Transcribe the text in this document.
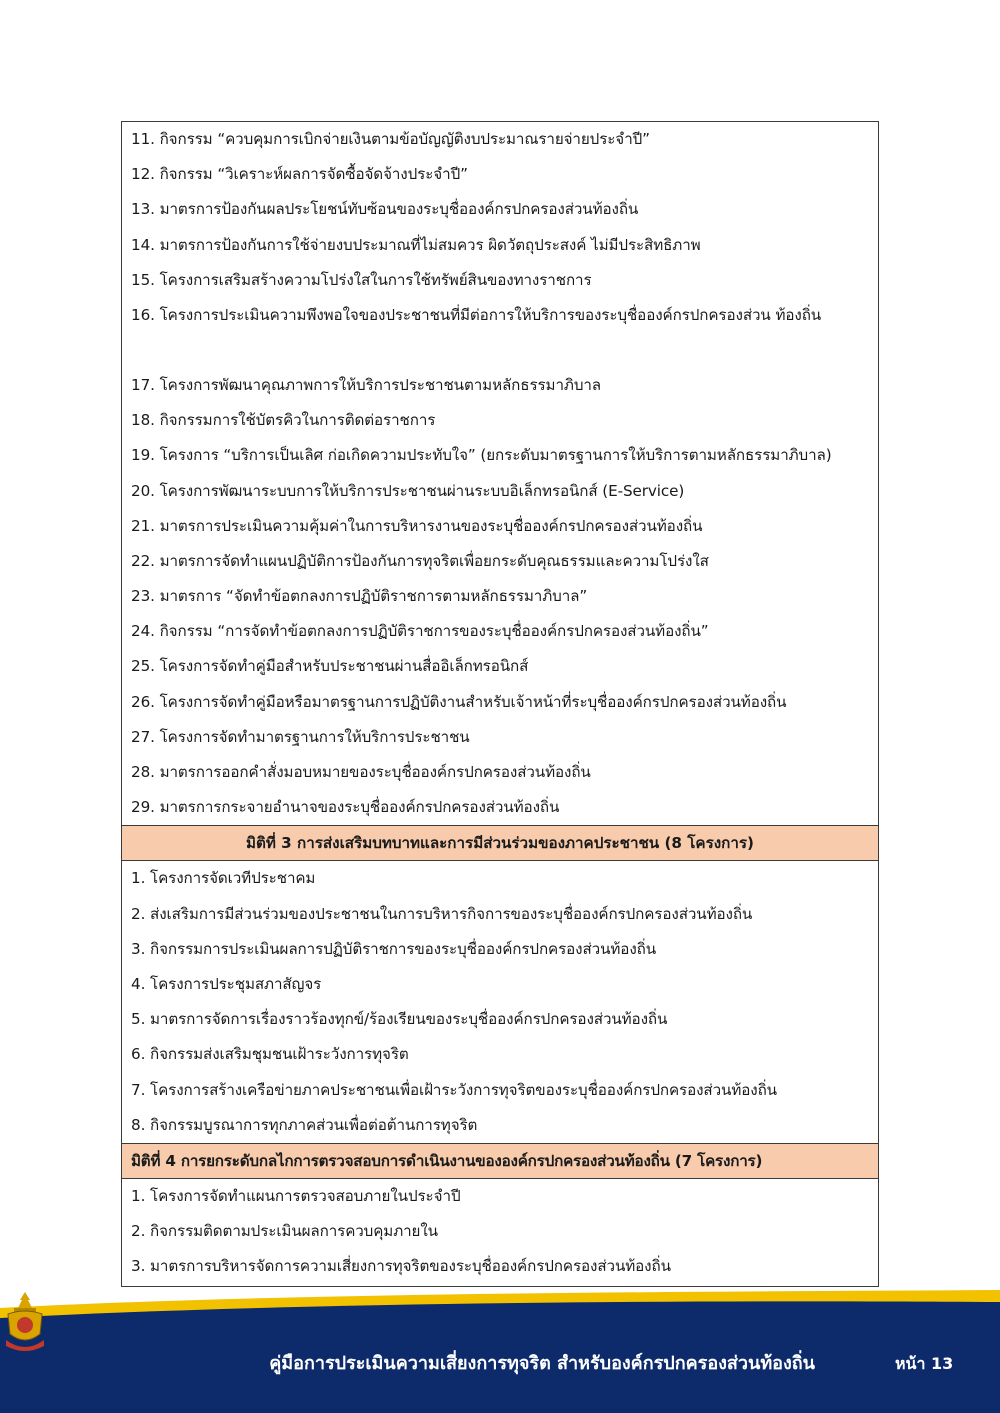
11. กิจกรรม “ควบคุมการเบิกจ่ายเงินตามข้อบัญญัติงบประมาณรายจ่ายประจำปี”
12. กิจกรรม “วิเคราะห์ผลการจัดซื้อจัดจ้างประจำปี”
13. มาตรการป้องกันผลประโยชน์ทับซ้อนของระบุชื่อองค์กรปกครองส่วนท้องถิ่น
14. มาตรการป้องกันการใช้จ่ายงบประมาณที่ไม่สมควร ผิดวัตถุประสงค์ ไม่มีประสิทธิภาพ
15. โครงการเสริมสร้างความโปร่งใสในการใช้ทรัพย์สินของทางราชการ
16. โครงการประเมินความพึงพอใจของประชาชนที่มีต่อการให้บริการของระบุชื่อองค์กรปกครองส่วน ท้องถิ่น
17. โครงการพัฒนาคุณภาพการให้บริการประชาชนตามหลักธรรมาภิบาล
18. กิจกรรมการใช้บัตรคิวในการติดต่อราชการ
19. โครงการ “บริการเป็นเลิศ ก่อเกิดความประทับใจ” (ยกระดับมาตรฐานการให้บริการตามหลักธรรมาภิบาล)
20. โครงการพัฒนาระบบการให้บริการประชาชนผ่านระบบอิเล็กทรอนิกส์ (E-Service)
21. มาตรการประเมินความคุ้มค่าในการบริหารงานของระบุชื่อองค์กรปกครองส่วนท้องถิ่น
22. มาตรการจัดทำแผนปฏิบัติการป้องกันการทุจริตเพื่อยกระดับคุณธรรมและความโปร่งใส
23. มาตรการ “จัดทำข้อตกลงการปฏิบัติราชการตามหลักธรรมาภิบาล”
24. กิจกรรม “การจัดทำข้อตกลงการปฏิบัติราชการของระบุชื่อองค์กรปกครองส่วนท้องถิ่น”
25. โครงการจัดทำคู่มือสำหรับประชาชนผ่านสื่ออิเล็กทรอนิกส์
26. โครงการจัดทำคู่มือหรือมาตรฐานการปฏิบัติงานสำหรับเจ้าหน้าที่ระบุชื่อองค์กรปกครองส่วนท้องถิ่น
27. โครงการจัดทำมาตรฐานการให้บริการประชาชน
28. มาตรการออกคำสั่งมอบหมายของระบุชื่อองค์กรปกครองส่วนท้องถิ่น
29. มาตรการกระจายอำนาจของระบุชื่อองค์กรปกครองส่วนท้องถิ่น
มิติที่ 3 การส่งเสริมบทบาทและการมีส่วนร่วมของภาคประชาชน (8 โครงการ)
1. โครงการจัดเวทีประชาคม
2. ส่งเสริมการมีส่วนร่วมของประชาชนในการบริหารกิจการของระบุชื่อองค์กรปกครองส่วนท้องถิ่น
3. กิจกรรมการประเมินผลการปฏิบัติราชการของระบุชื่อองค์กรปกครองส่วนท้องถิ่น
4. โครงการประชุมสภาสัญจร
5. มาตรการจัดการเรื่องราวร้องทุกข์/ร้องเรียนของระบุชื่อองค์กรปกครองส่วนท้องถิ่น
6. กิจกรรมส่งเสริมชุมชนเฝ้าระวังการทุจริต
7. โครงการสร้างเครือข่ายภาคประชาชนเพื่อเฝ้าระวังการทุจริตของระบุชื่อองค์กรปกครองส่วนท้องถิ่น
8. กิจกรรมบูรณาการทุกภาคส่วนเพื่อต่อต้านการทุจริต
มิติที่ 4 การยกระดับกลไกการตรวจสอบการดำเนินงานขององค์กรปกครองส่วนท้องถิ่น (7 โครงการ)
1. โครงการจัดทำแผนการตรวจสอบภายในประจำปี
2. กิจกรรมติดตามประเมินผลการควบคุมภายใน
3. มาตรการบริหารจัดการความเสี่ยงการทุจริตของระบุชื่อองค์กรปกครองส่วนท้องถิ่น
คู่มือการประเมินความเสี่ยงการทุจริต สำหรับองค์กรปกครองส่วนท้องถิ่น	หน้า 13
